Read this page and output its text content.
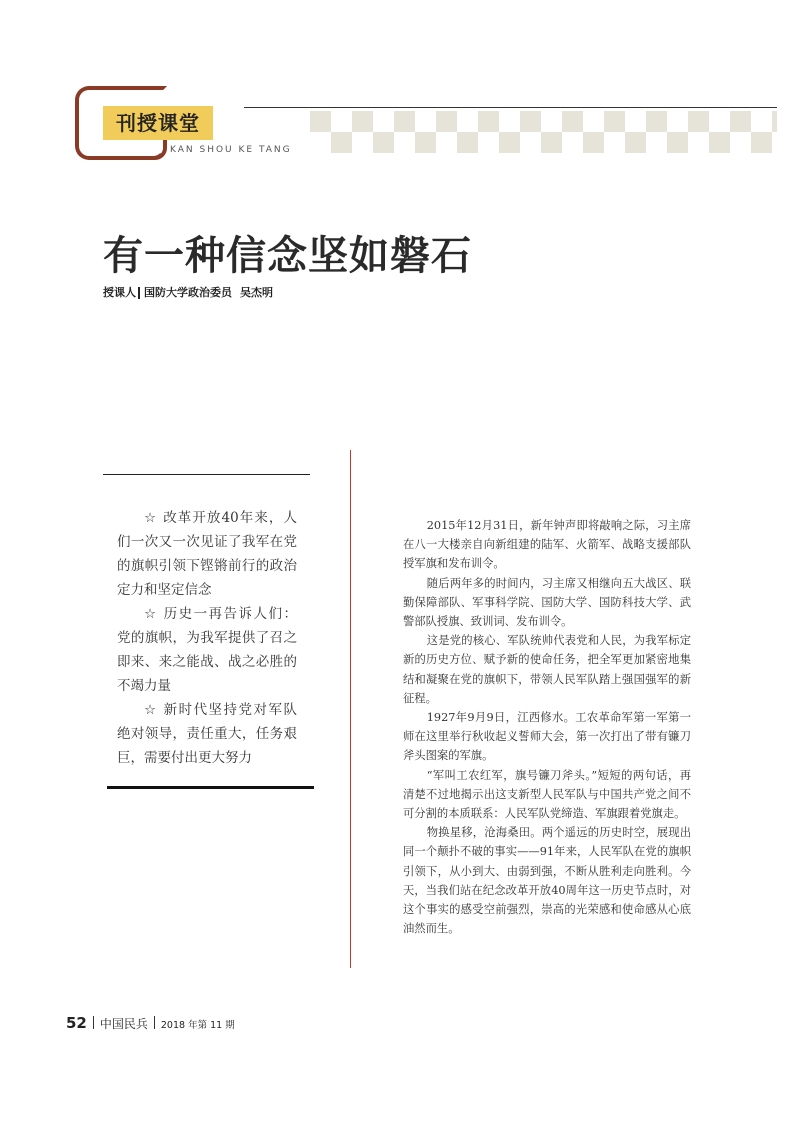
刊授课堂
KAN SHOU KE TANG
有一种信念坚如磐石
授课人 国防大学政治委员 吴杰明

☆ 改革开放40年来，人们一次又一次见证了我军在党的旗帜引领下铿锵前行的政治定力和坚定信念

☆ 历史一再告诉人们：党的旗帜，为我军提供了召之即来、来之能战、战之必胜的不竭力量

☆ 新时代坚持党对军队绝对领导，责任重大，任务艰巨，需要付出更大努力

2015年12月31日，新年钟声即将敲响之际，习主席在八一大楼亲自向新组建的陆军、火箭军、战略支援部队授军旗和发布训令。

随后两年多的时间内，习主席又相继向五大战区、联勤保障部队、军事科学院、国防大学、国防科技大学、武警部队授旗、致训词、发布训令。

这是党的核心、军队统帅代表党和人民，为我军标定新的历史方位、赋予新的使命任务，把全军更加紧密地集结和凝聚在党的旗帜下，带领人民军队踏上强国强军的新征程。

1927年9月9日，江西修水。工农革命军第一军第一师在这里举行秋收起义誓师大会，第一次打出了带有镰刀斧头图案的军旗。

“军叫工农红军，旗号镰刀斧头。”短短的两句话，再清楚不过地揭示出这支新型人民军队与中国共产党之间不可分割的本质联系：人民军队党缔造、军旗跟着党旗走。

物换星移，沧海桑田。两个遥远的历史时空，展现出同一个颠扑不破的事实——91年来，人民军队在党的旗帜引领下，从小到大、由弱到强，不断从胜利走向胜利。今天，当我们站在纪念改革开放40周年这一历史节点时，对这个事实的感受空前强烈，崇高的光荣感和使命感从心底油然而生。

52 中国民兵 2018 年第 11 期
